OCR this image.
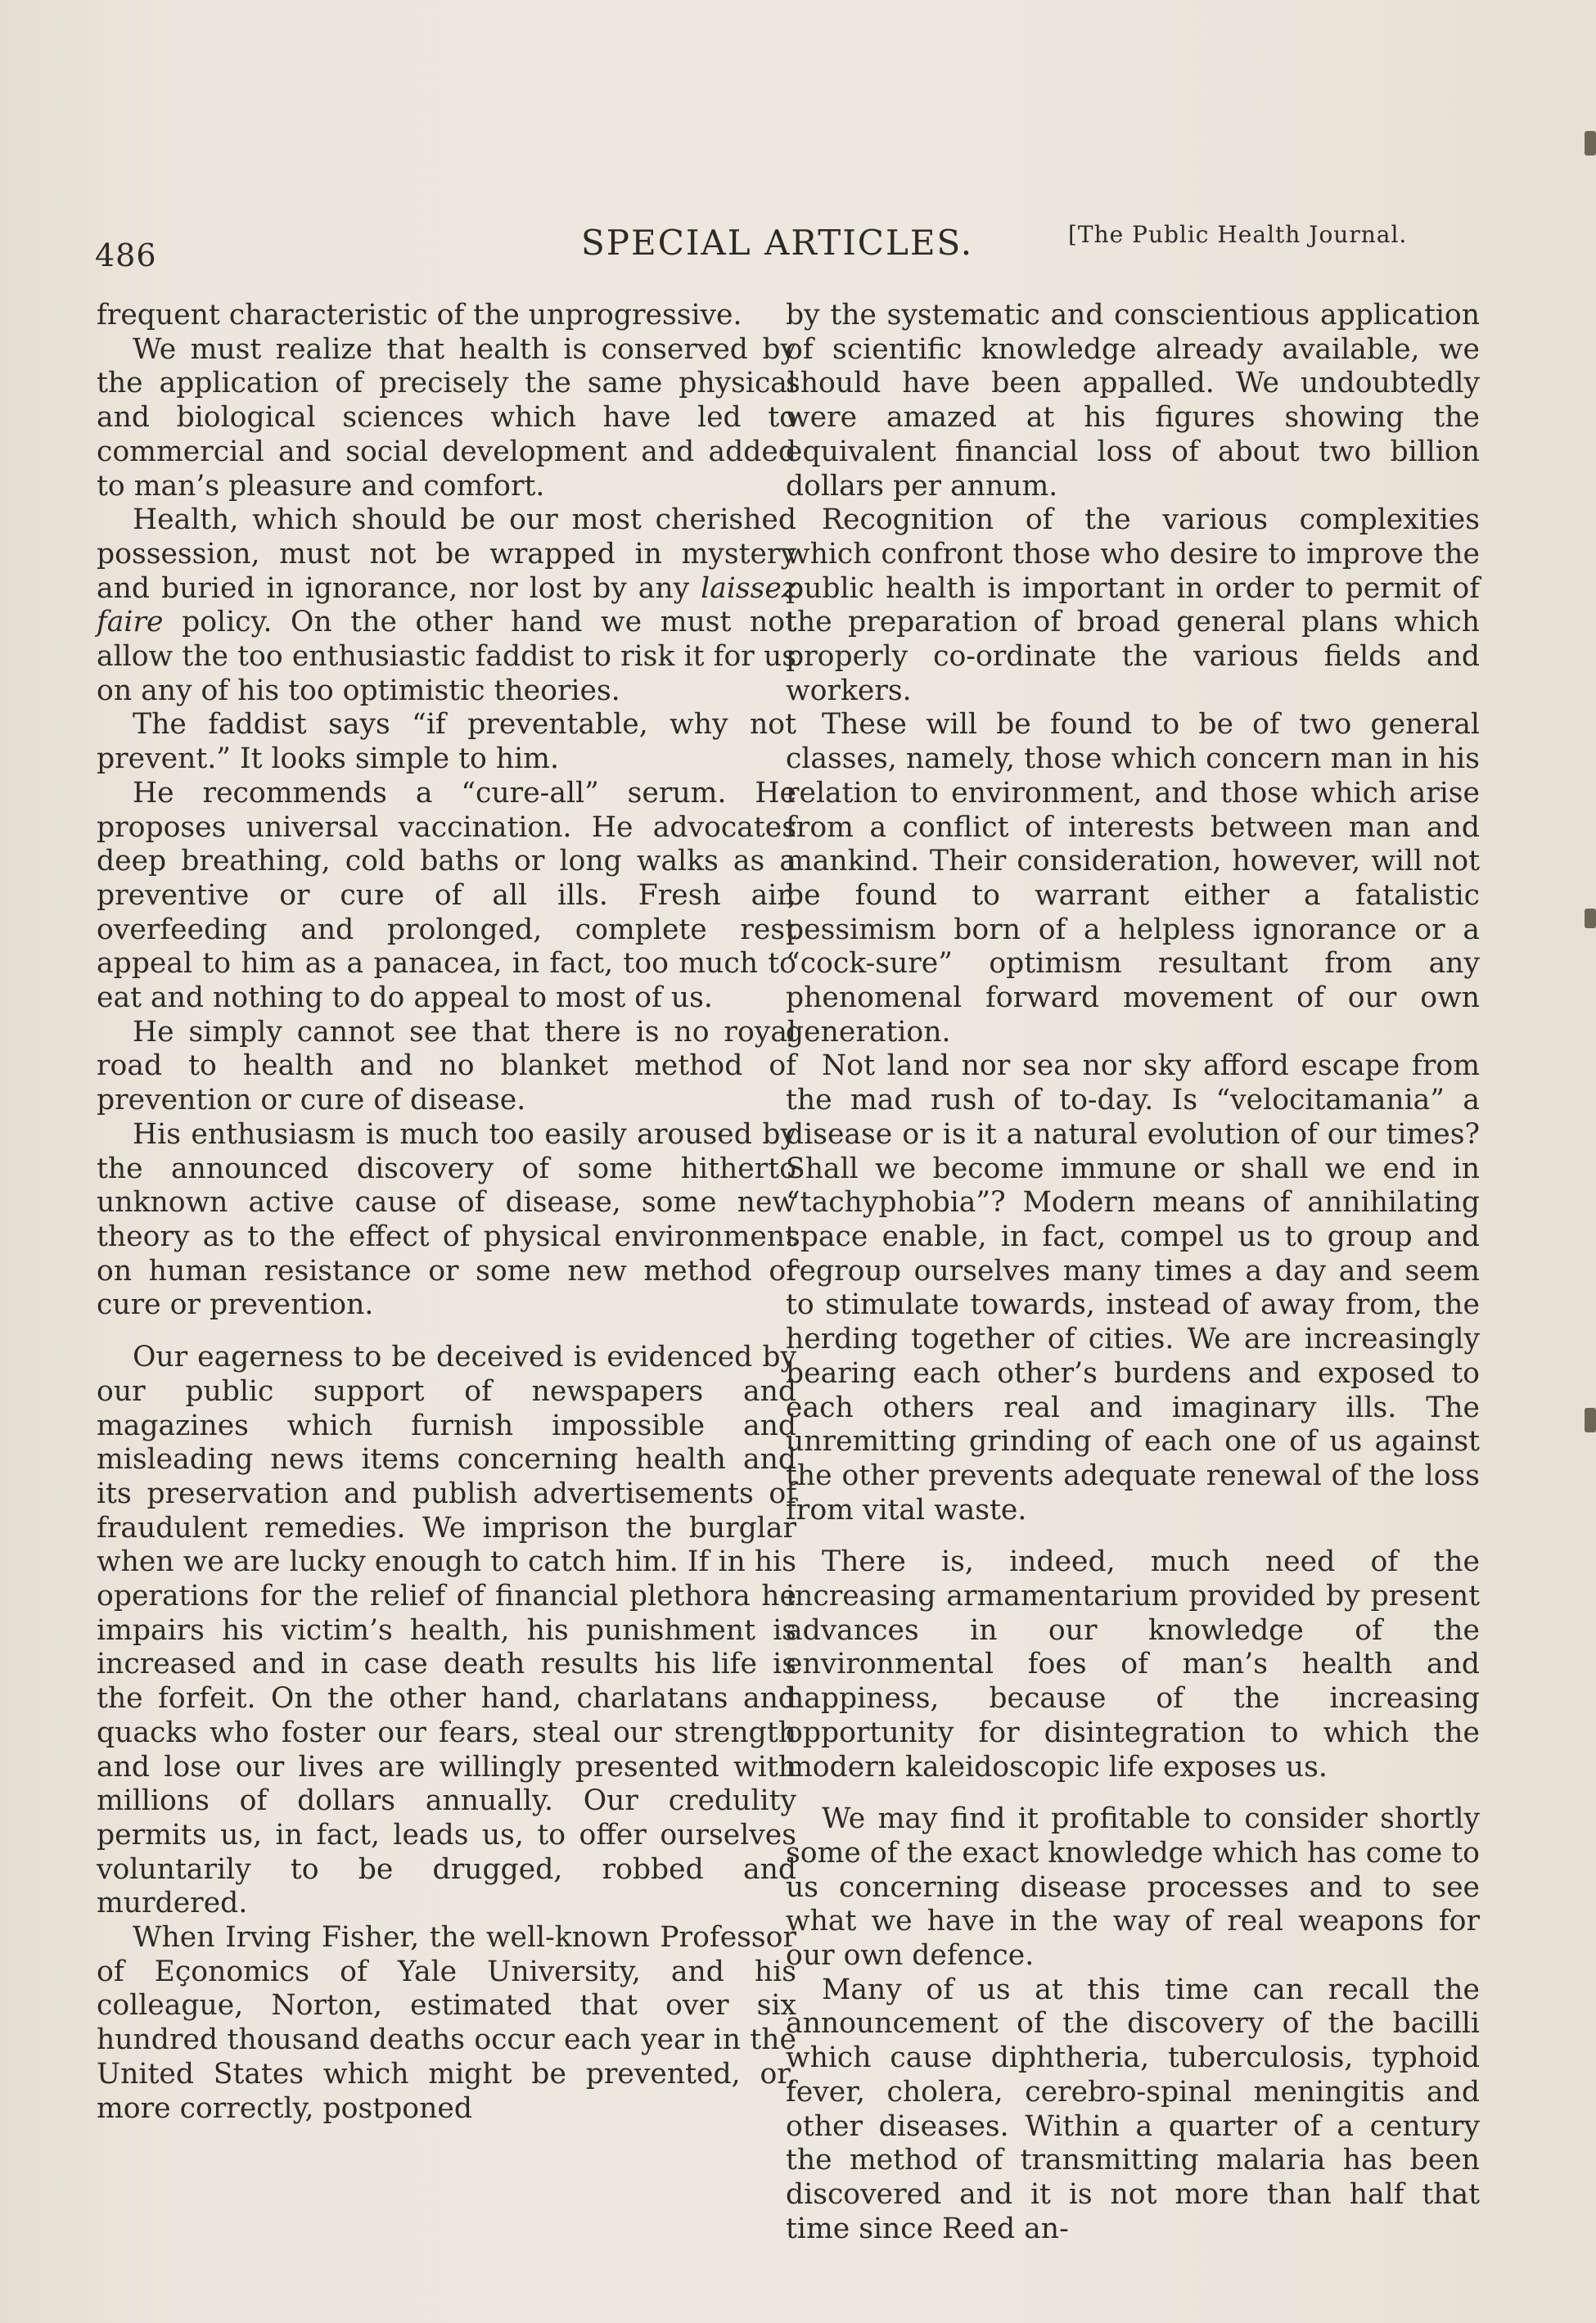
486	SPECIAL ARTICLES.	[The Public Health Journal.

frequent characteristic of the unprogressive.

We must realize that health is conserved by the application of precisely the same physical and biological sciences which have led to commercial and social development and added to man’s pleasure and comfort.

Health, which should be our most cherished possession, must not be wrapped in mystery and buried in ignorance, nor lost by any laissez faire policy. On the other hand we must not allow the too enthusiastic faddist to risk it for us on any of his too optimistic theories.

The faddist says “if preventable, why not prevent.” It looks simple to him.

He recommends a “cure-all” serum. He proposes universal vaccination. He advocates deep breathing, cold baths or long walks as a preventive or cure of all ills. Fresh air, overfeeding and prolonged, complete rest appeal to him as a panacea, in fact, too much to eat and nothing to do appeal to most of us.

He simply cannot see that there is no royal road to health and no blanket method of prevention or cure of disease.

His enthusiasm is much too easily aroused by the announced discovery of some hitherto unknown active cause of disease, some new theory as to the effect of physical environment on human resistance or some new method of cure or prevention.

Our eagerness to be deceived is evidenced by our public support of newspapers and magazines which furnish impossible and misleading news items concerning health and its preservation and publish advertisements of fraudulent remedies. We imprison the burglar when we are lucky enough to catch him. If in his operations for the relief of financial plethora he impairs his victim’s health, his punishment is increased and in case death results his life is the forfeit. On the other hand, charlatans and quacks who foster our fears, steal our strength and lose our lives are willingly presented with millions of dollars annually. Our credulity permits us, in fact, leads us, to offer ourselves voluntarily to be drugged, robbed and murdered.

When Irving Fisher, the well-known Professor of Eçonomics of Yale University, and his colleague, Norton, estimated that over six hundred thousand deaths occur each year in the United States which might be prevented, or, more correctly, postponed

by the systematic and conscientious application of scientific knowledge already available, we should have been appalled. We undoubtedly were amazed at his figures showing the equivalent financial loss of about two billion dollars per annum.

Recognition of the various complexities which confront those who desire to improve the public health is important in order to permit of the preparation of broad general plans which properly co-ordinate the various fields and workers.

These will be found to be of two general classes, namely, those which concern man in his relation to environment, and those which arise from a conflict of interests between man and mankind. Their consideration, however, will not be found to warrant either a fatalistic pessimism born of a helpless ignorance or a “cock-sure” optimism resultant from any phenomenal forward movement of our own generation.

Not land nor sea nor sky afford escape from the mad rush of to-day. Is “velocitamania” a disease or is it a natural evolution of our times? Shall we become immune or shall we end in “tachyphobia”? Modern means of annihilating space enable, in fact, compel us to group and regroup ourselves many times a day and seem to stimulate towards, instead of away from, the herding together of cities. We are increasingly bearing each other’s burdens and exposed to each others real and imaginary ills. The unremitting grinding of each one of us against the other prevents adequate renewal of the loss from vital waste.

There is, indeed, much need of the increasing armamentarium provided by present advances in our knowledge of the environmental foes of man’s health and happiness, because of the increasing opportunity for disintegration to which the modern kaleidoscopic life exposes us.

We may find it profitable to consider shortly some of the exact knowledge which has come to us concerning disease processes and to see what we have in the way of real weapons for our own defence.

Many of us at this time can recall the announcement of the discovery of the bacilli which cause diphtheria, tuberculosis, typhoid fever, cholera, cerebro-spinal meningitis and other diseases. Within a quarter of a century the method of transmitting malaria has been discovered and it is not more than half that time since Reed an-
